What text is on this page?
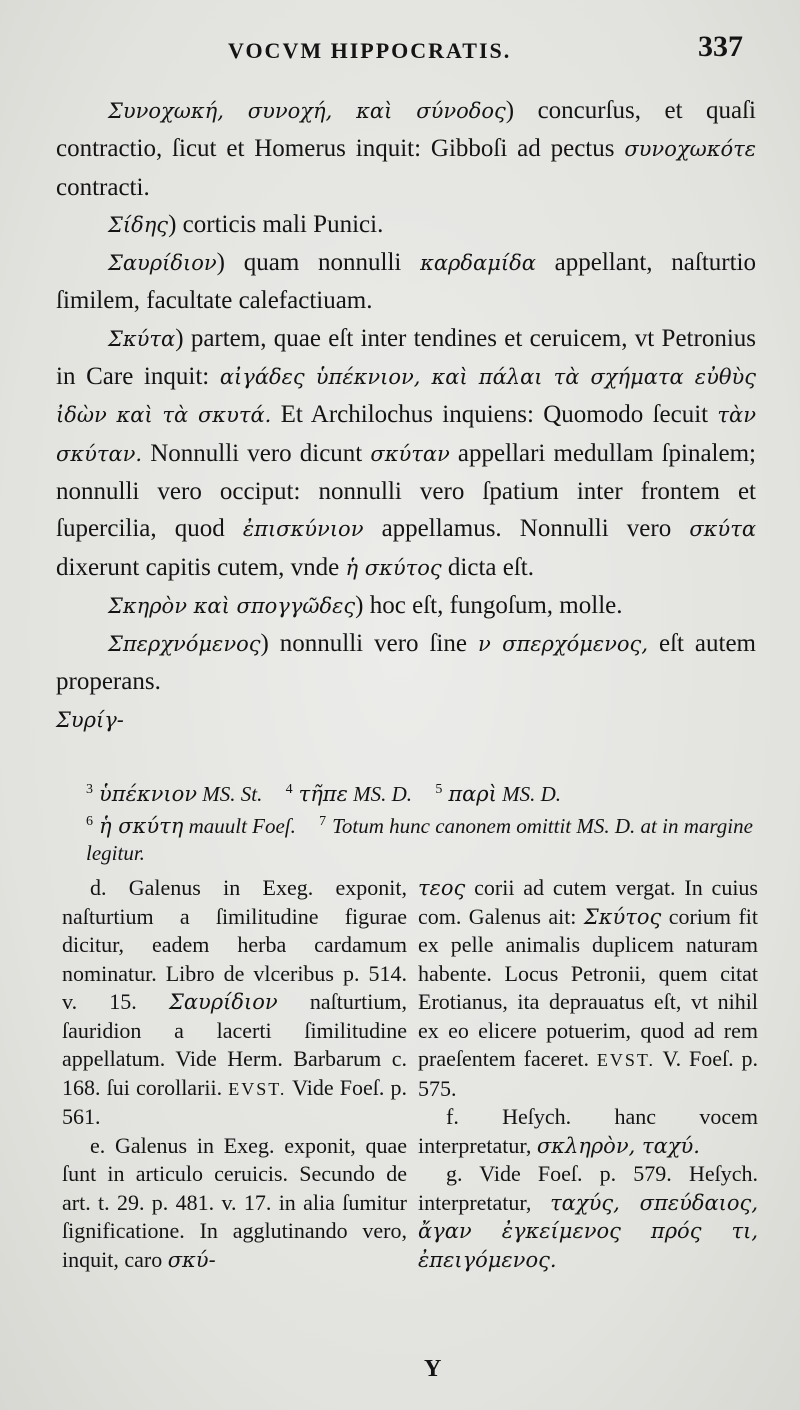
VOCVM HIPPOCRATIS.	337

Συνοχωκή, συνοχή, καὶ σύνοδος) concurſus, et quaſi contractio, ſicut et Homerus inquit: Gibboſi ad pectus συνοχωκότε contracti.

Σίδης) corticis mali Punici.

Σαυρίδιον) quam nonnulli καρδαμίδα appellant, naſturtio ſimilem, facultate calefactiuam.

Σκύτα) partem, quae eſt inter tendines et ceruicem, vt Petronius in Care inquit: αἰγάδες ὑπέκνιον, καὶ πάλαι τὰ σχήματα εὐθὺς ἰδὼν καὶ τὰ σκυτά. Et Archilochus inquiens: Quomodo ſecuit τὰν σκύταν. Nonnulli vero dicunt σκύταν appellari medullam ſpinalem; nonnulli vero occiput: nonnulli vero ſpatium inter frontem et ſupercilia, quod ἐπισκύνιον appellamus. Nonnulli vero σκύτα dixerunt capitis cutem, vnde ἡ σκύτος dicta eſt.

Σκηρὸν καὶ σπογγῶδες) hoc eſt, fungoſum, molle.

Σπερχνόμενος) nonnulli vero ſine ν σπερχόμενος, eſt autem properans.

Συρίγ-

$^3$ ὑπέκνιον MS. St. $^4$ τῆπε MS. D. $^5$ παρὶ MS. D.

$^6$ ἡ σκύτη mauult Foeſ. $^7$ Totum hunc canonem omittit MS. D. at in margine legitur.

d. Galenus in Exeg. exponit, naſturtium a ſimilitudine figurae dicitur, eadem herba cardamum nominatur. Libro de vlceribus p. 514. v. 15. Σαυρίδιον naſturtium, ſauridion a lacerti ſimilitudine appellatum. Vide Herm. Barbarum c. 168. ſui corollarii. EVST. Vide Foeſ. p. 561.

e. Galenus in Exeg. exponit, quae ſunt in articulo ceruicis. Secundo de art. t. 29. p. 481. v. 17. in alia ſumitur ſignificatione. In agglutinando vero, inquit, caro σκύ-

τεος corii ad cutem vergat. In cuius com. Galenus ait: Σκύτος corium fit ex pelle animalis duplicem naturam habente. Locus Petronii, quem citat Erotianus, ita deprauatus eſt, vt nihil ex eo elicere potuerim, quod ad rem praeſentem faceret. EVST. V. Foeſ. p. 575.

f. Heſych. hanc vocem interpretatur, σκληρὸν, ταχύ.

g. Vide Foeſ. p. 579. Heſych. interpretatur, ταχύς, σπεύδαιος, ἄγαν ἐγκείμενος πρός τι, ἐπειγόμενος.

Y
